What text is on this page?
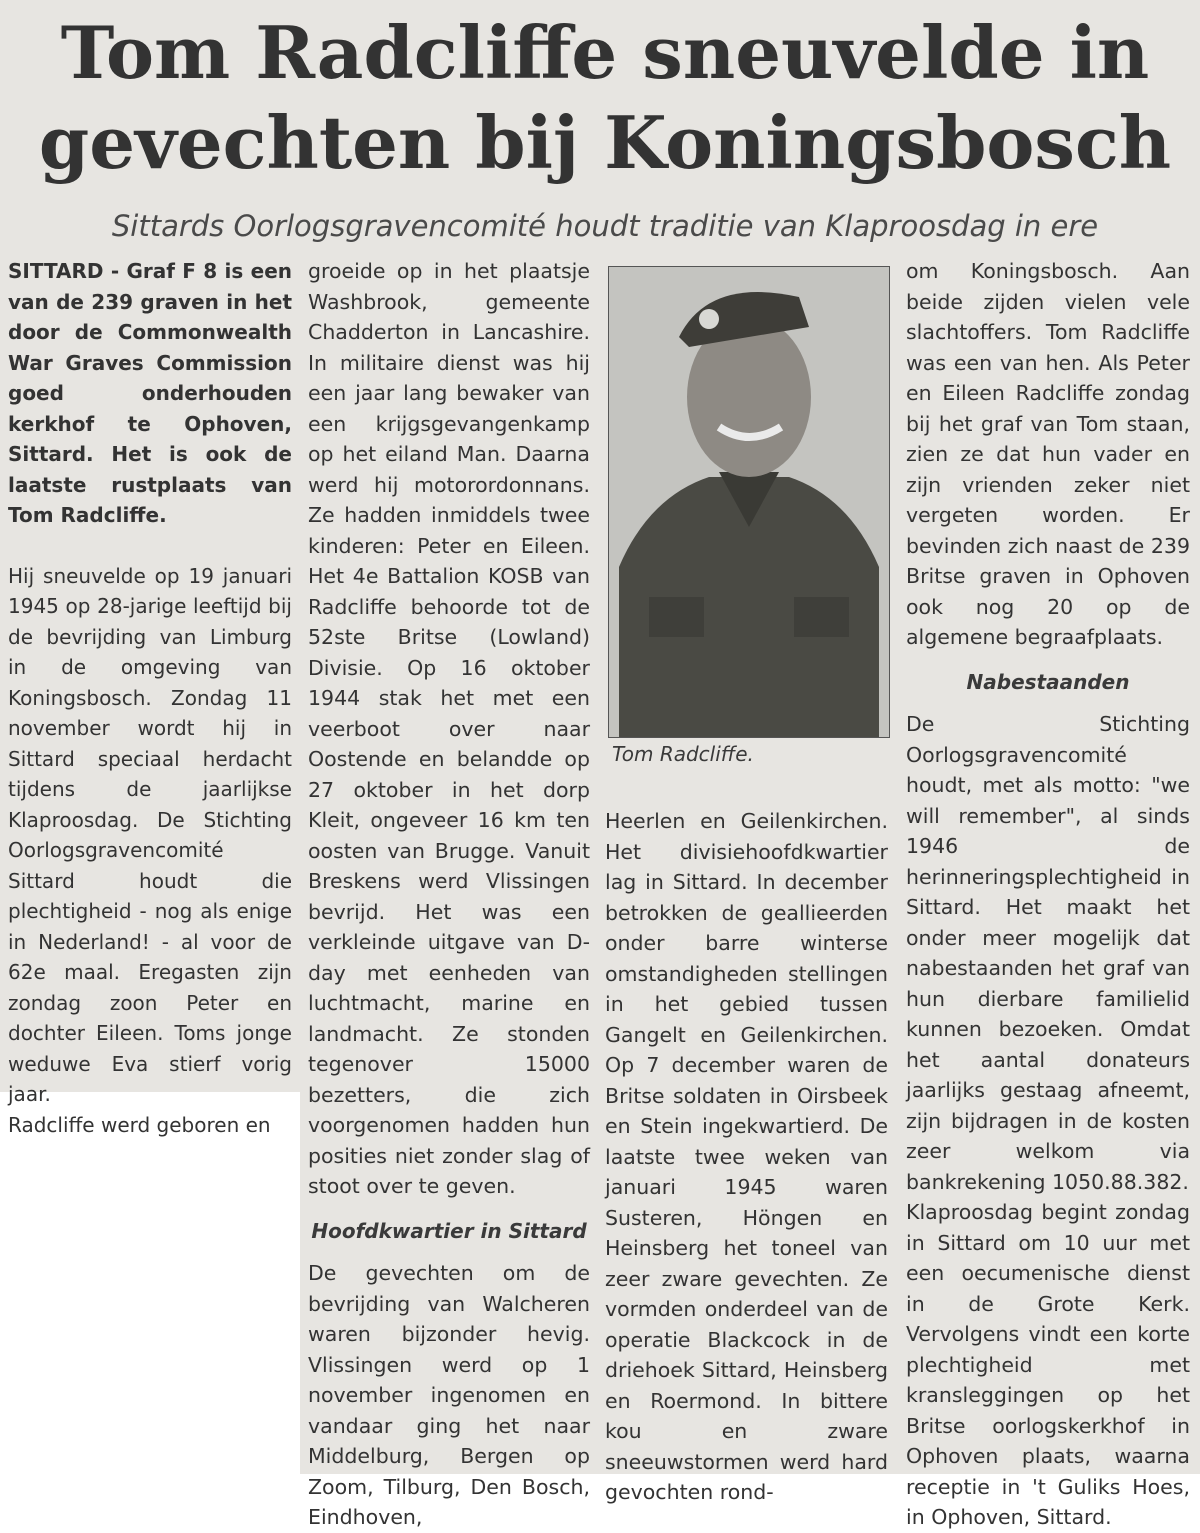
Tom Radcliffe sneuvelde in
gevechten bij Koningsbosch

Sittards Oorlogsgravencomité houdt traditie van Klaproosdag in ere

SITTARD - Graf F 8 is een van de 239 graven in het door de Commonwealth War Graves Commission goed onderhouden kerkhof te Ophoven, Sittard. Het is ook de laatste rustplaats van Tom Radcliffe.

Hij sneuvelde op 19 januari 1945 op 28-jarige leeftijd bij de bevrijding van Limburg in de omgeving van Koningsbosch. Zondag 11 november wordt hij in Sittard speciaal herdacht tijdens de jaarlijkse Klaproosdag. De Stichting Oorlogsgravencomité Sittard houdt die plechtigheid - nog als enige in Nederland! - al voor de 62e maal. Eregasten zijn zondag zoon Peter en dochter Eileen. Toms jonge weduwe Eva stierf vorig jaar.

Radcliffe werd geboren en

groeide op in het plaatsje Washbrook, gemeente Chadderton in Lancashire. In militaire dienst was hij een jaar lang bewaker van een krijgsgevangenkamp op het eiland Man. Daarna werd hij motorordonnans. Ze hadden inmiddels twee kinderen: Peter en Eileen. Het 4e Battalion KOSB van Radcliffe behoorde tot de 52ste Britse (Lowland) Divisie. Op 16 oktober 1944 stak het met een veerboot over naar Oostende en belandde op 27 oktober in het dorp Kleit, ongeveer 16 km ten oosten van Brugge. Vanuit Breskens werd Vlissingen bevrijd. Het was een verkleinde uitgave van D-day met eenheden van luchtmacht, marine en landmacht. Ze stonden tegenover 15000 bezetters, die zich voorgenomen hadden hun posities niet zonder slag of stoot over te geven.

Hoofdkwartier in Sittard

De gevechten om de bevrijding van Walcheren waren bijzonder hevig. Vlissingen werd op 1 november ingenomen en vandaar ging het naar Middelburg, Bergen op Zoom, Tilburg, Den Bosch, Eindhoven,

Tom Radcliffe.

Heerlen en Geilenkirchen. Het divisiehoofdkwartier lag in Sittard. In december betrokken de geallieerden onder barre winterse omstandigheden stellingen in het gebied tussen Gangelt en Geilenkirchen. Op 7 december waren de Britse soldaten in Oirsbeek en Stein ingekwartierd. De laatste twee weken van januari 1945 waren Susteren, Höngen en Heinsberg het toneel van zeer zware gevechten. Ze vormden onderdeel van de operatie Blackcock in de driehoek Sittard, Heinsberg en Roermond. In bittere kou en zware sneeuwstormen werd hard gevochten rond-

om Koningsbosch. Aan beide zijden vielen vele slachtoffers. Tom Radcliffe was een van hen. Als Peter en Eileen Radcliffe zondag bij het graf van Tom staan, zien ze dat hun vader en zijn vrienden zeker niet vergeten worden. Er bevinden zich naast de 239 Britse graven in Ophoven ook nog 20 op de algemene begraafplaats.

Nabestaanden

De Stichting Oorlogsgravencomité houdt, met als motto: "we will remember", al sinds 1946 de herinneringsplechtigheid in Sittard. Het maakt het onder meer mogelijk dat nabestaanden het graf van hun dierbare familielid kunnen bezoeken. Omdat het aantal donateurs jaarlijks gestaag afneemt, zijn bijdragen in de kosten zeer welkom via bankrekening 1050.88.382.

Klaproosdag begint zondag in Sittard om 10 uur met een oecumenische dienst in de Grote Kerk. Vervolgens vindt een korte plechtigheid met kransleggingen op het Britse oorlogskerkhof in Ophoven plaats, waarna receptie in 't Guliks Hoes, in Ophoven, Sittard.
